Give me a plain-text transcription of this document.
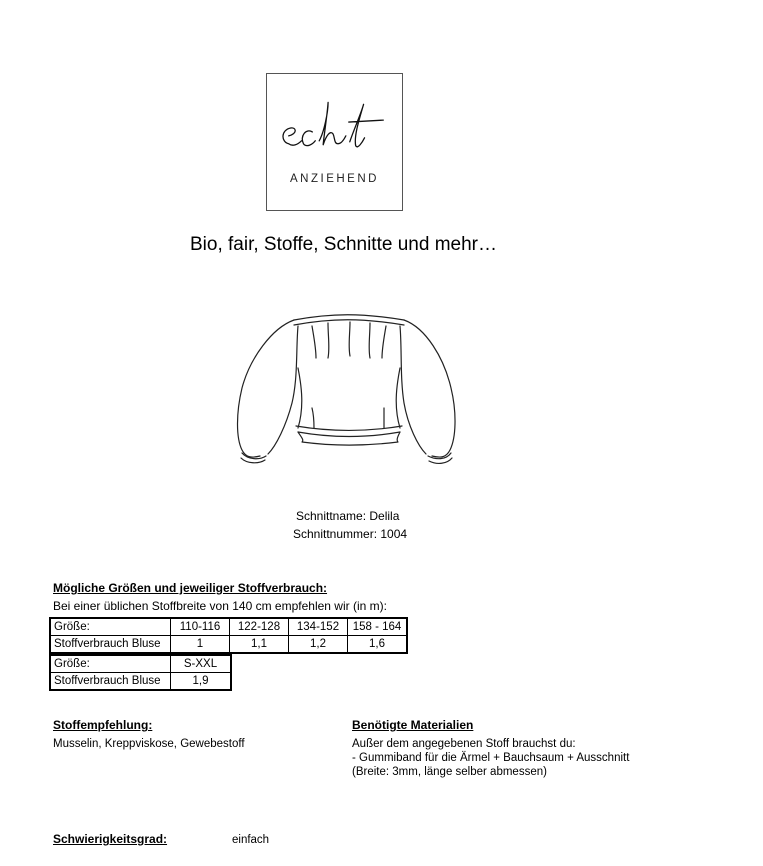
ANZIEHEND
Bio, fair, Stoffe, Schnitte und mehr…
Schnittname: Delila
Schnittnummer: 1004
Mögliche Größen und jeweiliger Stoffverbrauch:
Bei einer üblichen Stoffbreite von 140 cm empfehlen wir (in m):
Größe:	110-116	122-128	134-152	158 - 164
Stoffverbrauch Bluse	1	1,1	1,2	1,6
Größe:	S-XXL
Stoffverbrauch Bluse	1,9
Stoffempfehlung:
Musselin, Kreppviskose, Gewebestoff
Benötigte Materialien
Außer dem angegebenen Stoff brauchst du:
- Gummiband für die Ärmel + Bauchsaum + Ausschnitt
(Breite: 3mm, länge selber abmessen)
Schwierigkeitsgrad:	einfach
